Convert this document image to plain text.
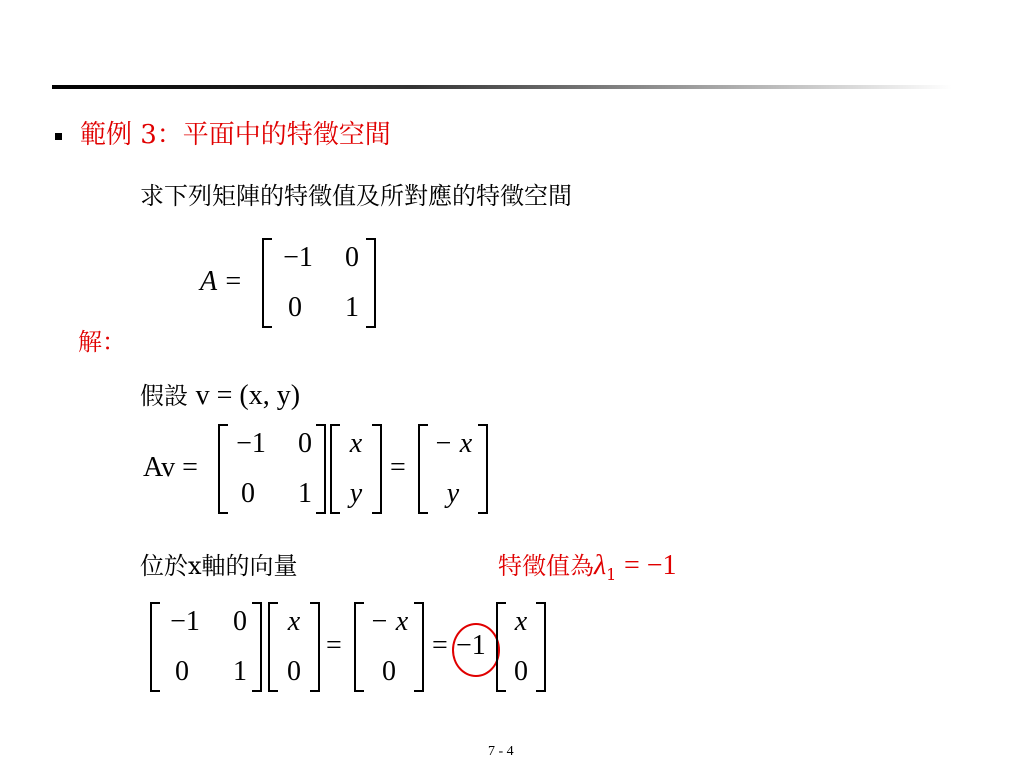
範例 3：平面中的特徵空間
求下列矩陣的特徵值及所對應的特徵空間
A =
−1	0
0	1
解：
假設 v = (x, y)
Av =
−1	0
0	1
x
y
=
− x
y
位於x軸的向量	特徵值為$\lambda_1 = -1$
−1	0
0	1
x
0
=
− x
0
= −1
x
0
7 - 4
